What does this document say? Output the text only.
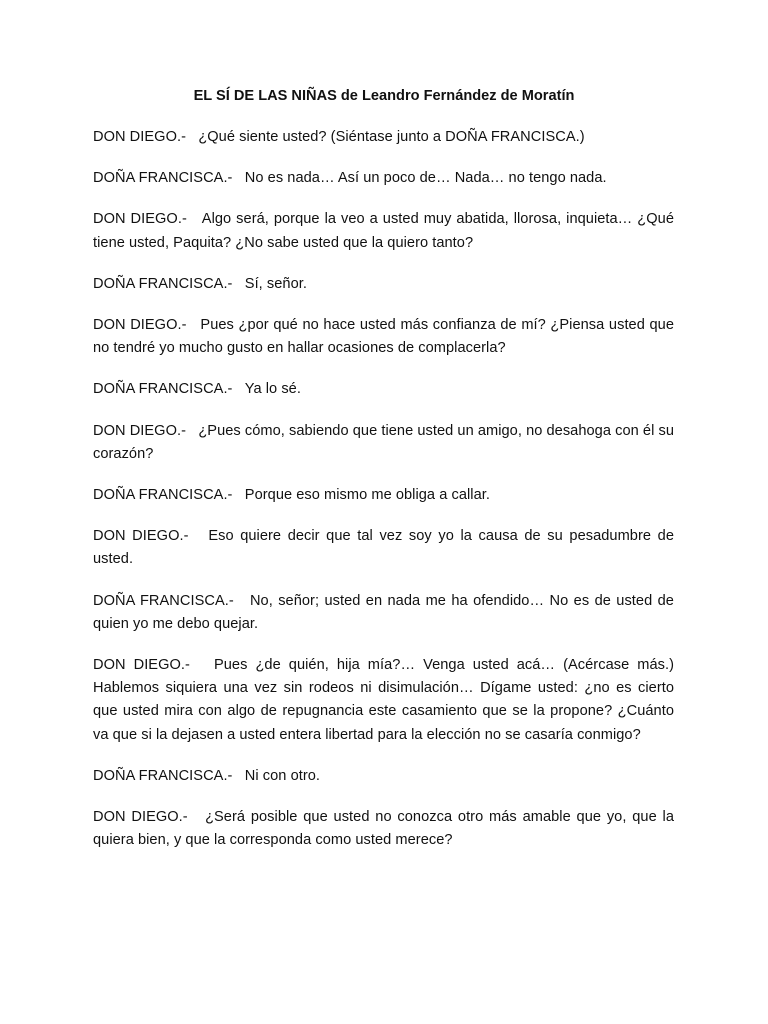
EL SÍ DE LAS NIÑAS de Leandro Fernández de Moratín

DON DIEGO.- ¿Qué siente usted? (Siéntase junto a DOÑA FRANCISCA.)

DOÑA FRANCISCA.- No es nada… Así un poco de… Nada… no tengo nada.

DON DIEGO.- Algo será, porque la veo a usted muy abatida, llorosa, inquieta… ¿Qué tiene usted, Paquita? ¿No sabe usted que la quiero tanto?

DOÑA FRANCISCA.- Sí, señor.

DON DIEGO.- Pues ¿por qué no hace usted más confianza de mí? ¿Piensa usted que no tendré yo mucho gusto en hallar ocasiones de complacerla?

DOÑA FRANCISCA.- Ya lo sé.

DON DIEGO.- ¿Pues cómo, sabiendo que tiene usted un amigo, no desahoga con él su corazón?

DOÑA FRANCISCA.- Porque eso mismo me obliga a callar.

DON DIEGO.- Eso quiere decir que tal vez soy yo la causa de su pesadumbre de usted.

DOÑA FRANCISCA.- No, señor; usted en nada me ha ofendido… No es de usted de quien yo me debo quejar.

DON DIEGO.- Pues ¿de quién, hija mía?… Venga usted acá… (Acércase más.) Hablemos siquiera una vez sin rodeos ni disimulación… Dígame usted: ¿no es cierto que usted mira con algo de repugnancia este casamiento que se la propone? ¿Cuánto va que si la dejasen a usted entera libertad para la elección no se casaría conmigo?

DOÑA FRANCISCA.- Ni con otro.

DON DIEGO.- ¿Será posible que usted no conozca otro más amable que yo, que la quiera bien, y que la corresponda como usted merece?
